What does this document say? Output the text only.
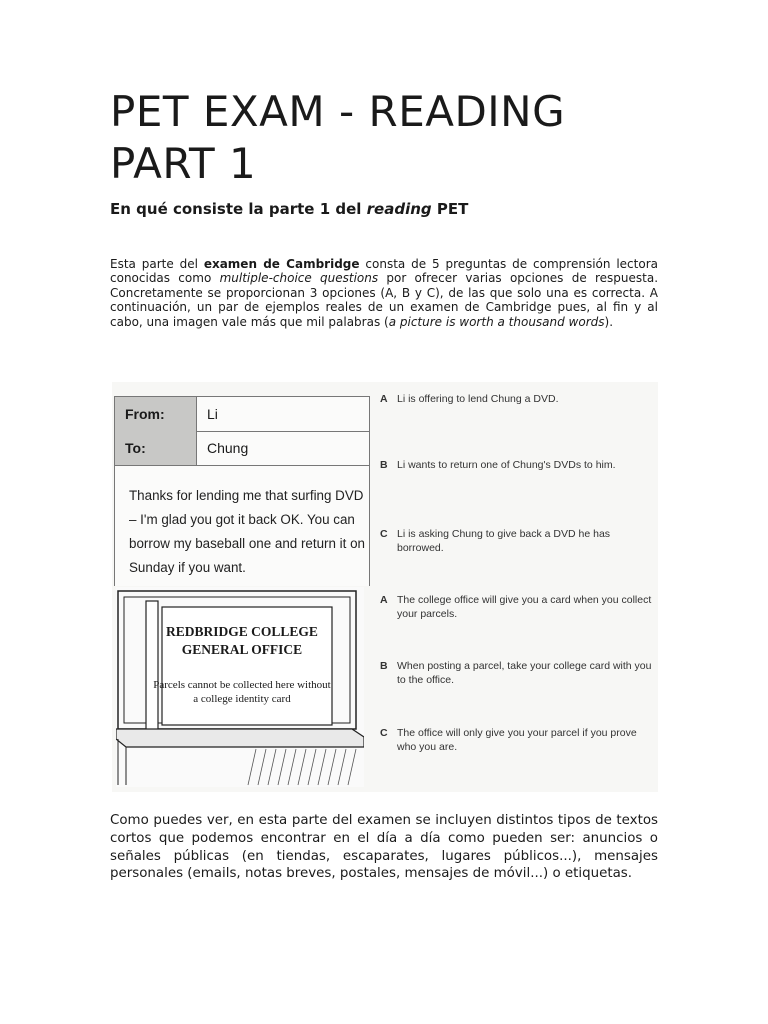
PET EXAM - READING PART 1
En qué consiste la parte 1 del reading PET

Esta parte del examen de Cambridge consta de 5 preguntas de comprensión lectora conocidas como multiple-choice questions por ofrecer varias opciones de respuesta. Concretamente se proporcionan 3 opciones (A, B y C), de las que solo una es correcta. A continuación, un par de ejemplos reales de un examen de Cambridge pues, al fin y al cabo, una imagen vale más que mil palabras (a picture is worth a thousand words).

From:	Li
To:	Chung
Thanks for lending me that surfing DVD – I'm glad you got it back OK. You can borrow my baseball one and return it on Sunday if you want.
A Li is offering to lend Chung a DVD.
B Li wants to return one of Chung's DVDs to him.
C Li is asking Chung to give back a DVD he has borrowed.
REDBRIDGE COLLEGE GENERAL OFFICE
Parcels cannot be collected here without a college identity card
A The college office will give you a card when you collect your parcels.
B When posting a parcel, take your college card with you to the office.
C The office will only give you your parcel if you prove who you are.

Como puedes ver, en esta parte del examen se incluyen distintos tipos de textos cortos que podemos encontrar en el día a día como pueden ser: anuncios o señales públicas (en tiendas, escaparates, lugares públicos...), mensajes personales (emails, notas breves, postales, mensajes de móvil...) o etiquetas.
